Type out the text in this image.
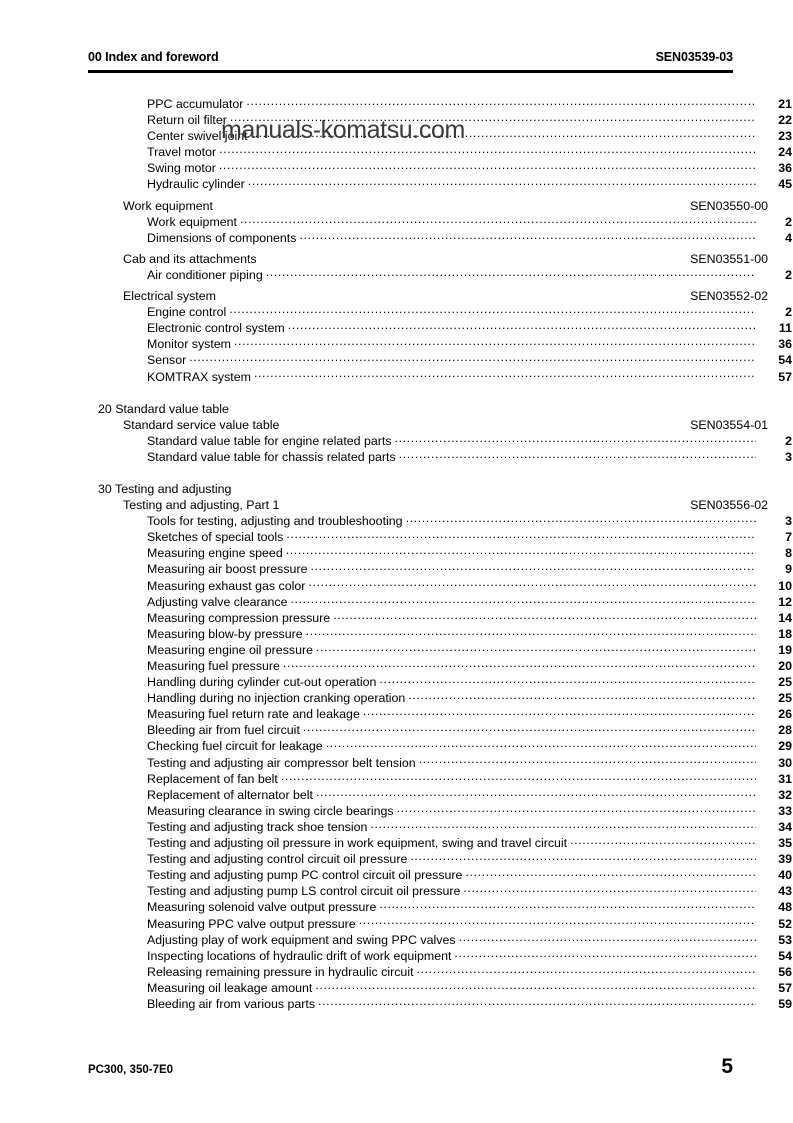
00 Index and foreword	SEN03539-03
PPC accumulator .....	21
Return oil filter .....	22
Center swivel joint .....	23
Travel motor .....	24
Swing motor .....	36
Hydraulic cylinder .....	45
Work equipment	SEN03550-00
Work equipment .....	2
Dimensions of components .....	4
Cab and its attachments	SEN03551-00
Air conditioner piping .....	2
Electrical system	SEN03552-02
Engine control .....	2
Electronic control system .....	11
Monitor system .....	36
Sensor .....	54
KOMTRAX system .....	57
20 Standard value table
Standard service value table	SEN03554-01
Standard value table for engine related parts .....	2
Standard value table for chassis related parts .....	3
30 Testing and adjusting
Testing and adjusting, Part 1	SEN03556-02
Tools for testing, adjusting and troubleshooting .....	3
Sketches of special tools .....	7
Measuring engine speed .....	8
Measuring air boost pressure .....	9
Measuring exhaust gas color .....	10
Adjusting valve clearance .....	12
Measuring compression pressure .....	14
Measuring blow-by pressure .....	18
Measuring engine oil pressure .....	19
Measuring fuel pressure .....	20
Handling during cylinder cut-out operation .....	25
Handling during no injection cranking operation .....	25
Measuring fuel return rate and leakage .....	26
Bleeding air from fuel circuit .....	28
Checking fuel circuit for leakage .....	29
Testing and adjusting air compressor belt tension .....	30
Replacement of fan belt .....	31
Replacement of alternator belt .....	32
Measuring clearance in swing circle bearings .....	33
Testing and adjusting track shoe tension .....	34
Testing and adjusting oil pressure in work equipment, swing and travel circuit .....	35
Testing and adjusting control circuit oil pressure .....	39
Testing and adjusting pump PC control circuit oil pressure .....	40
Testing and adjusting pump LS control circuit oil pressure .....	43
Measuring solenoid valve output pressure .....	48
Measuring PPC valve output pressure .....	52
Adjusting play of work equipment and swing PPC valves .....	53
Inspecting locations of hydraulic drift of work equipment .....	54
Releasing remaining pressure in hydraulic circuit .....	56
Measuring oil leakage amount .....	57
Bleeding air from various parts .....	59
manuals-komatsu.com
PC300, 350-7E0	5
